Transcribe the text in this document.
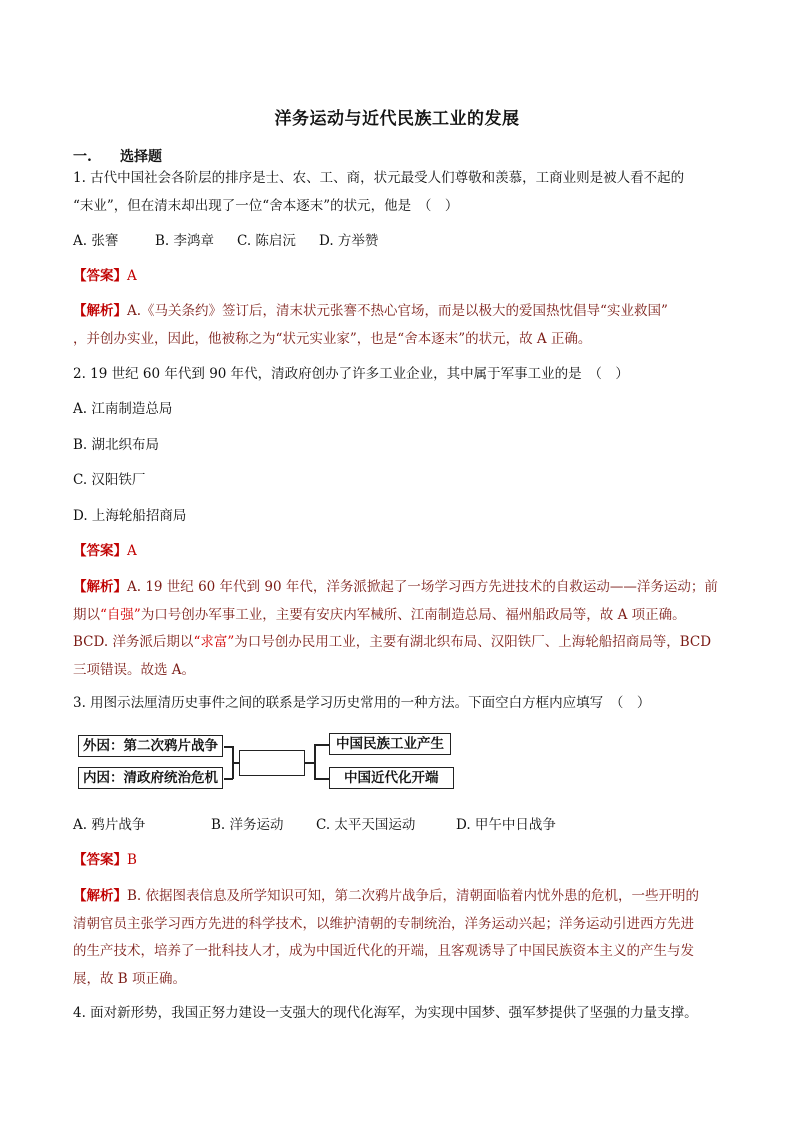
洋务运动与近代民族工业的发展
一. 选择题
1. 古代中国社会各阶层的排序是士、农、工、商，状元最受人们尊敬和羡慕，工商业则是被人看不起的
“末业”，但在清末却出现了一位“舍本逐末”的状元，他是　（　）
A. 张謇	B. 李鸿章 C. 陈启沅 D. 方举赞
【答案】A
【解析】A.《马关条约》签订后，清末状元张謇不热心官场，而是以极大的爱国热忱倡导“实业救国”
，并创办实业，因此，他被称之为“状元实业家”，也是“舍本逐末”的状元，故 A 正确。
2. 19 世纪 60 年代到 90 年代，清政府创办了许多工业企业，其中属于军事工业的是　（　）
A. 江南制造总局
B. 湖北织布局
C. 汉阳铁厂
D. 上海轮船招商局
【答案】A
【解析】A. 19 世纪 60 年代到 90 年代，洋务派掀起了一场学习西方先进技术的自救运动——洋务运动；前
期以“自强”为口号创办军事工业，主要有安庆内军械所、江南制造总局、福州船政局等，故 A 项正确。
BCD. 洋务派后期以“求富”为口号创办民用工业，主要有湖北织布局、汉阳铁厂、上海轮船招商局等，BCD
三项错误。故选 A。
3. 用图示法厘清历史事件之间的联系是学习历史常用的一种方法。下面空白方框内应填写　（　）
外因：第二次鸦片战争
内因：清政府统治危机
中国民族工业产生
中国近代化开端
A. 鸦片战争	B. 洋务运动 C. 太平天国运动	D. 甲午中日战争
【答案】B
【解析】B. 依据图表信息及所学知识可知，第二次鸦片战争后，清朝面临着内忧外患的危机，一些开明的
清朝官员主张学习西方先进的科学技术，以维护清朝的专制统治，洋务运动兴起；洋务运动引进西方先进
的生产技术，培养了一批科技人才，成为中国近代化的开端，且客观诱导了中国民族资本主义的产生与发
展，故 B 项正确。
4. 面对新形势，我国正努力建设一支强大的现代化海军，为实现中国梦、强军梦提供了坚强的力量支撑。
